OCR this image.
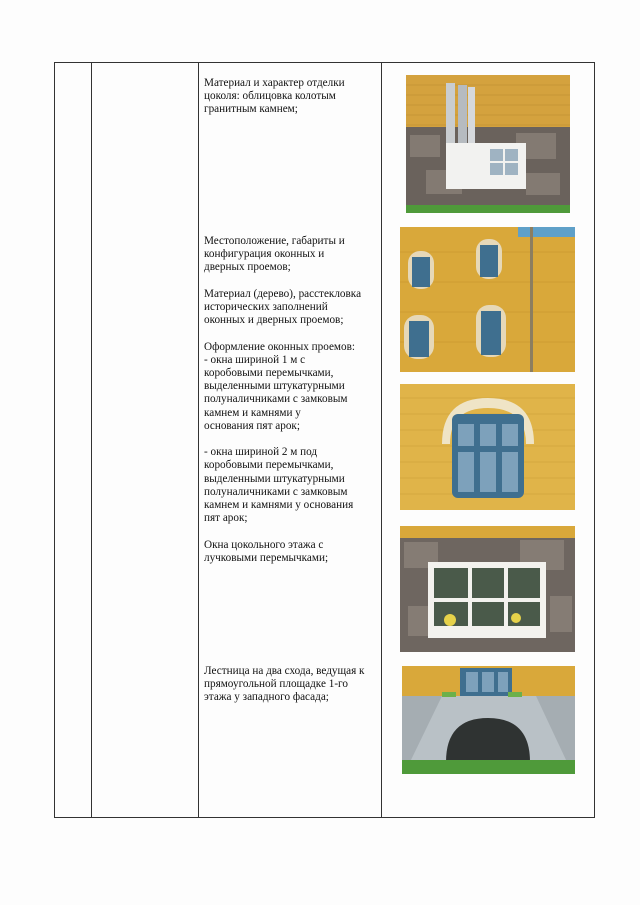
Материал и характер отделки
цоколя: облицовка колотым
гранитным камнем;
Местоположение, габариты и
конфигурация оконных и
дверных проемов;

Материал (дерево), расстекловка
исторических заполнений
оконных и дверных проемов;

Оформление оконных проемов:
- окна шириной 1 м с
коробовыми перемычками,
выделенными штукатурными
полуналичниками с замковым
камнем и камнями у
основания пят арок;

- окна шириной 2 м под
коробовыми перемычками,
выделенными штукатурными
полуналичниками с замковым
камнем и камнями у основания
пят арок;

Окна цокольного этажа с
лучковыми перемычками;
Лестница на два схода, ведущая к
прямоугольной площадке 1-го
этажа у западного фасада;
